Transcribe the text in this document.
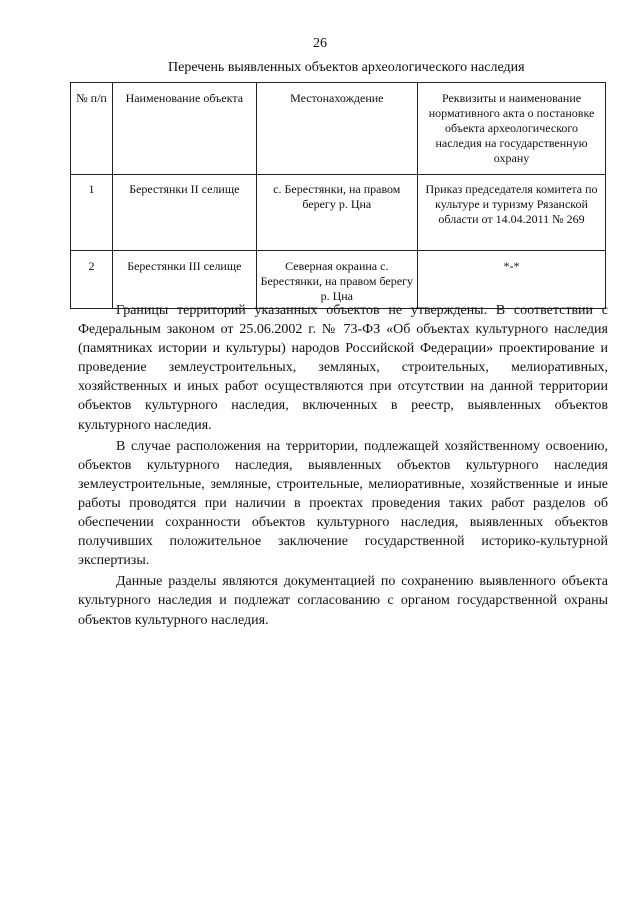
26
Перечень выявленных объектов археологического наследия
№ п/п	Наименование объекта	Местонахождение	Реквизиты и наименование нормативного акта о постановке объекта археологического наследия на государственную охрану
1	Берестянки II селище	с. Берестянки, на правом берегу р. Цна	Приказ председателя комитета по культуре и туризму Рязанской области от 14.04.2011 № 269
2	Берестянки III селище	Северная окраина с. Берестянки, на правом берегу р. Цна	*-*

Границы территорий указанных объектов не утверждены. В соответствии с Федеральным законом от 25.06.2002 г. № 73-ФЗ «Об объектах культурного наследия (памятниках истории и культуры) народов Российской Федерации» проектирование и проведение землеустроительных, земляных, строительных, мелиоративных, хозяйственных и иных работ осуществляются при отсутствии на данной территории объектов культурного наследия, включенных в реестр, выявленных объектов культурного наследия.

В случае расположения на территории, подлежащей хозяйственному освоению, объектов культурного наследия, выявленных объектов культурного наследия землеустроительные, земляные, строительные, мелиоративные, хозяйственные и иные работы проводятся при наличии в проектах проведения таких работ разделов об обеспечении сохранности объектов культурного наследия, выявленных объектов получивших положительное заключение государственной историко-культурной экспертизы.

Данные разделы являются документацией по сохранению выявленного объекта культурного наследия и подлежат согласованию с органом государственной охраны объектов культурного наследия.
